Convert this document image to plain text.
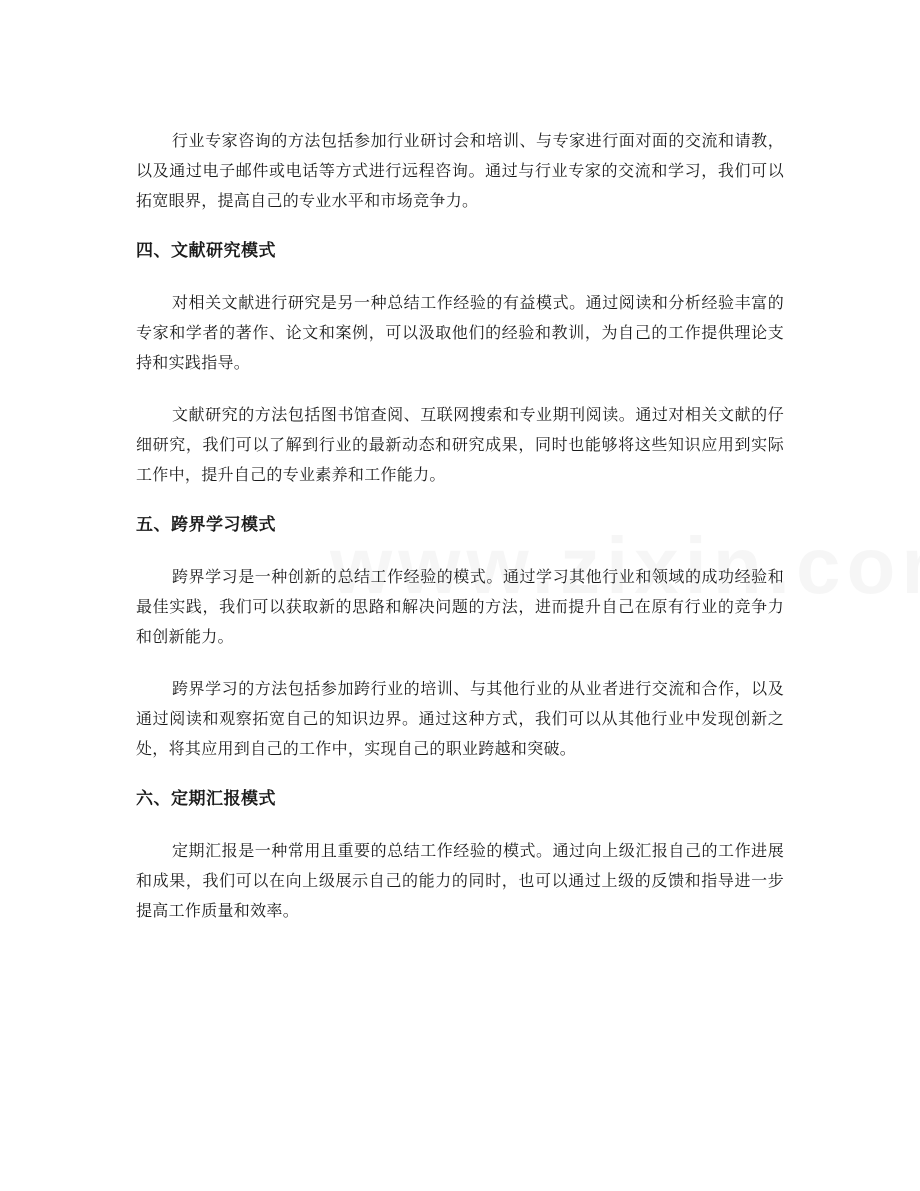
行业专家咨询的方法包括参加行业研讨会和培训、与专家进行面对面的交流和请教，以及通过电子邮件或电话等方式进行远程咨询。通过与行业专家的交流和学习，我们可以拓宽眼界，提高自己的专业水平和市场竞争力。

四、文献研究模式

对相关文献进行研究是另一种总结工作经验的有益模式。通过阅读和分析经验丰富的专家和学者的著作、论文和案例，可以汲取他们的经验和教训，为自己的工作提供理论支持和实践指导。

文献研究的方法包括图书馆查阅、互联网搜索和专业期刊阅读。通过对相关文献的仔细研究，我们可以了解到行业的最新动态和研究成果，同时也能够将这些知识应用到实际工作中，提升自己的专业素养和工作能力。

五、跨界学习模式

跨界学习是一种创新的总结工作经验的模式。通过学习其他行业和领域的成功经验和最佳实践，我们可以获取新的思路和解决问题的方法，进而提升自己在原有行业的竞争力和创新能力。

跨界学习的方法包括参加跨行业的培训、与其他行业的从业者进行交流和合作，以及通过阅读和观察拓宽自己的知识边界。通过这种方式，我们可以从其他行业中发现创新之处，将其应用到自己的工作中，实现自己的职业跨越和突破。

六、定期汇报模式

定期汇报是一种常用且重要的总结工作经验的模式。通过向上级汇报自己的工作进展和成果，我们可以在向上级展示自己的能力的同时，也可以通过上级的反馈和指导进一步提高工作质量和效率。
